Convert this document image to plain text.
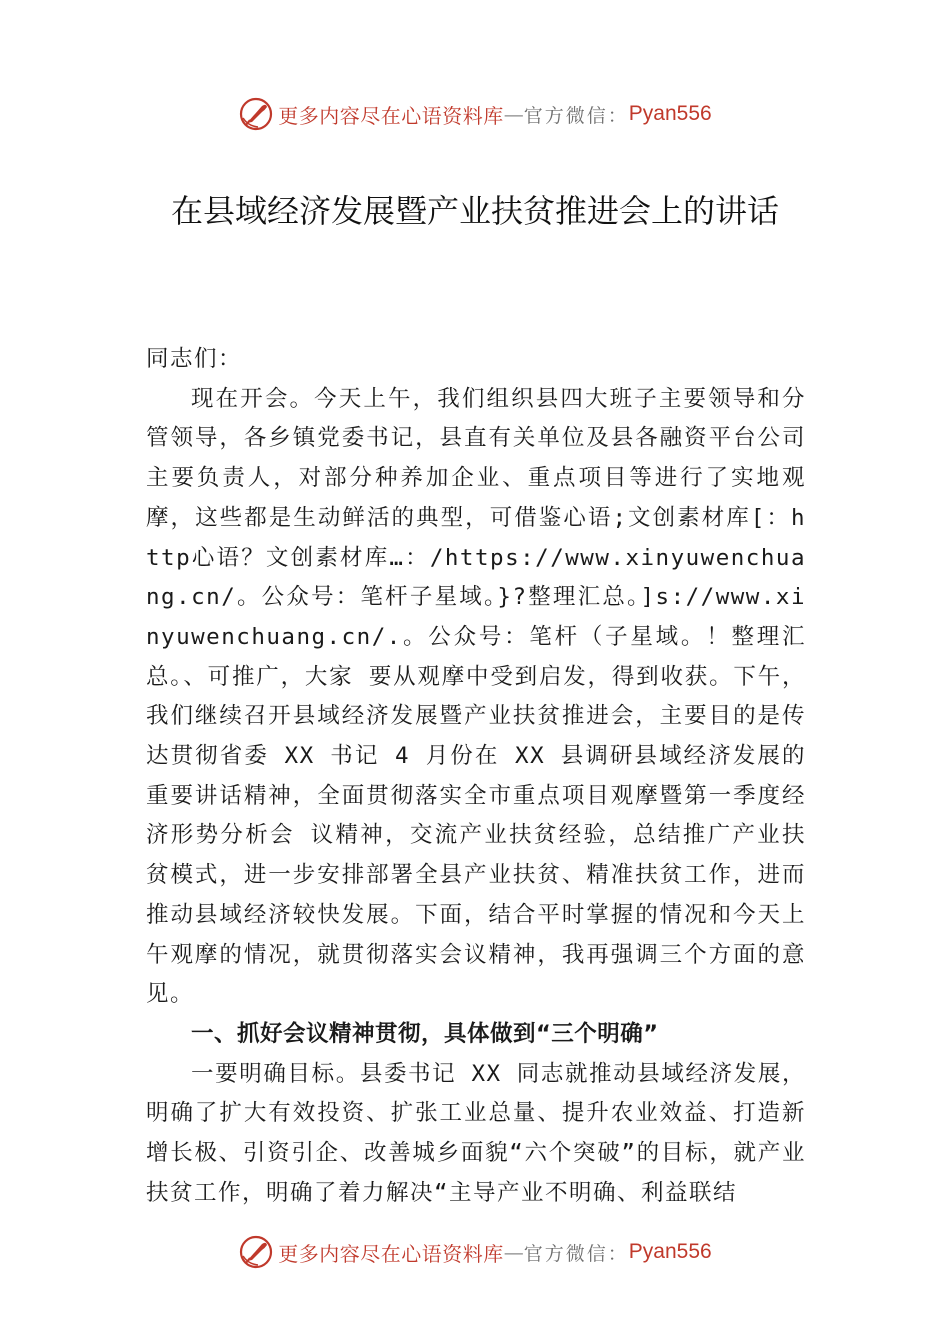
更多内容尽在心语资料库 — 官方微信： Pyan556
在县域经济发展暨产业扶贫推进会上的讲话

同志们：

现在开会。今天上午，我们组织县四大班子主要领导和分管领导，各乡镇党委书记，县直有关单位及县各融资平台公司主要负责人，对部分种养加企业、重点项目等进行了实地观摩，这些都是生动鲜活的典型，可借鉴心语;文创素材库[：http心语？文创素材库…：/https://www.xinyuwenchuang.cn/。公众号：笔杆子星域。}?整理汇总。]s://www.xinyuwenchuang.cn/.。公众号：笔杆（子星域。！整理汇总。、可推广，大家 要从观摩中受到启发，得到收获。下午，我们继续召开县域经济发展暨产业扶贫推进会，主要目的是传达贯彻省委 XX 书记 4 月份在 XX 县调研县域经济发展的重要讲话精神，全面贯彻落实全市重点项目观摩暨第一季度经济形势分析会 议精神，交流产业扶贫经验，总结推广产业扶贫模式，进一步安排部署全县产业扶贫、精准扶贫工作，进而推动县域经济较快发展。下面，结合平时掌握的情况和今天上午观摩的情况，就贯彻落实会议精神，我再强调三个方面的意见。

一、抓好会议精神贯彻，具体做到“三个明确”

一要明确目标。县委书记 XX 同志就推动县域经济发展，明确了扩大有效投资、扩张工业总量、提升农业效益、打造新增长极、引资引企、改善城乡面貌“六个突破”的目标，就产业扶贫工作，明确了着力解决“主导产业不明确、利益联结

更多内容尽在心语资料库 — 官方微信： Pyan556
